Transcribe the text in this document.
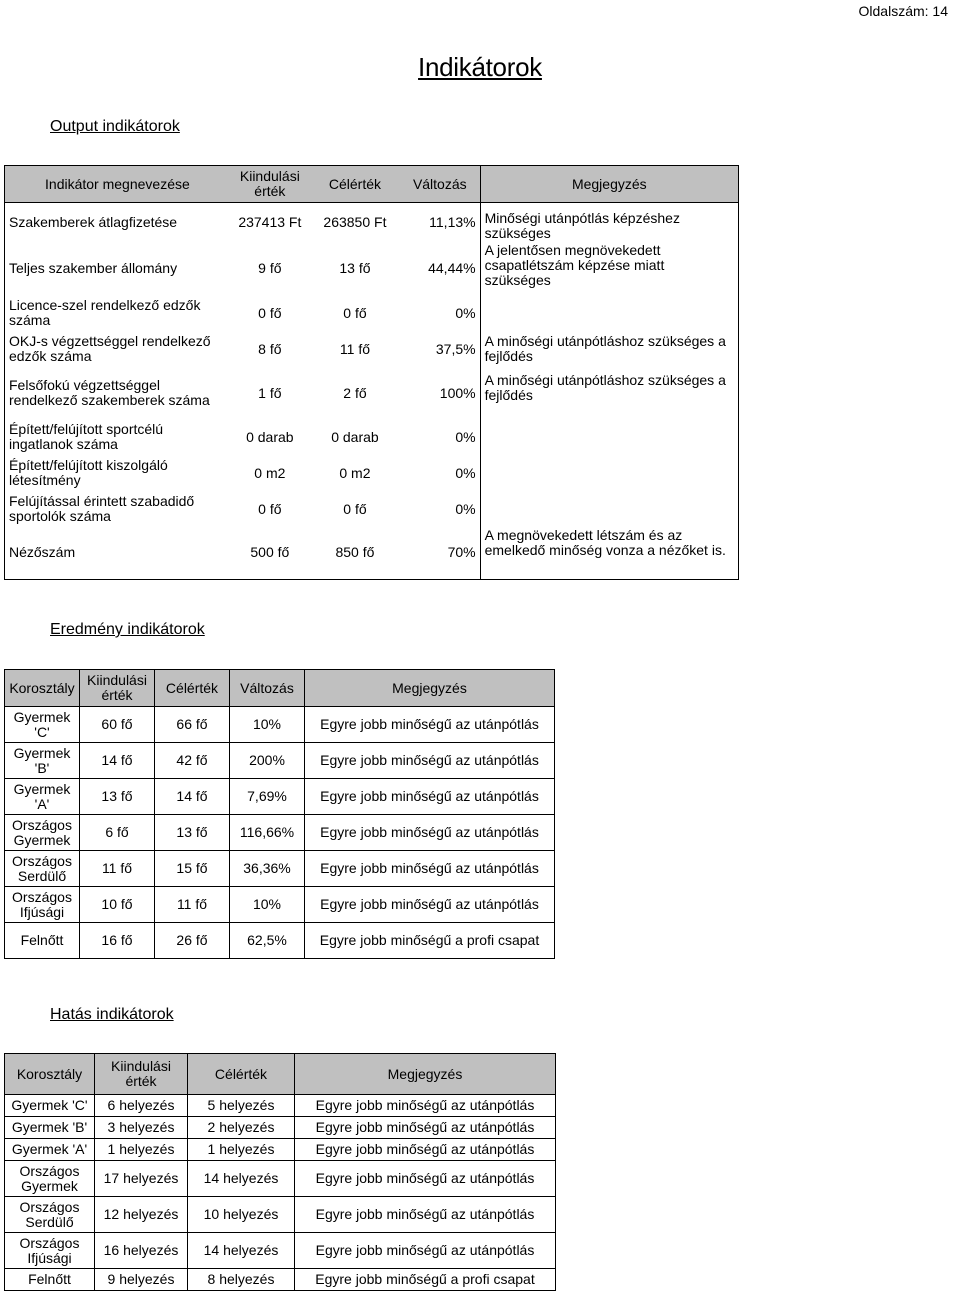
Oldalszám: 14
Indikátorok
Output indikátorok
Indikátor megnevezése	Kiindulási érték	Célérték	Változás	Megjegyzés
Szakemberek átlagfizetése	237413 Ft	263850 Ft	11,13%	Minőségi utánpótlás képzéshez szükséges
Teljes szakember állomány	9 fő	13 fő	44,44%	A jelentősen megnövekedett csapatlétszám képzése miatt szükséges
Licence-szel rendelkező edzők száma	0 fő	0 fő	0%	
OKJ-s végzettséggel rendelkező edzők száma	8 fő	11 fő	37,5%	A minőségi utánpótláshoz szükséges a fejlődés
Felsőfokú végzettséggel rendelkező szakemberek száma	1 fő	2 fő	100%	A minőségi utánpótláshoz szükséges a fejlődés
Épített/felújított sportcélú ingatlanok száma	0 darab	0 darab	0%	
Épített/felújított kiszolgáló létesítmény	0 m2	0 m2	0%	
Felújítással érintett szabadidő sportolók száma	0 fő	0 fő	0%	
Nézőszám	500 fő	850 fő	70%	A megnövekedett létszám és az emelkedő minőség vonza a nézőket is.
Eredmény indikátorok
Korosztály	Kiindulási érték	Célérték	Változás	Megjegyzés
Gyermek 'C'	60 fő	66 fő	10%	Egyre jobb minőségű az utánpótlás
Gyermek 'B'	14 fő	42 fő	200%	Egyre jobb minőségű az utánpótlás
Gyermek 'A'	13 fő	14 fő	7,69%	Egyre jobb minőségű az utánpótlás
Országos Gyermek	6 fő	13 fő	116,66%	Egyre jobb minőségű az utánpótlás
Országos Serdülő	11 fő	15 fő	36,36%	Egyre jobb minőségű az utánpótlás
Országos Ifjúsági	10 fő	11 fő	10%	Egyre jobb minőségű az utánpótlás
Felnőtt	16 fő	26 fő	62,5%	Egyre jobb minőségű a profi csapat
Hatás indikátorok
Korosztály	Kiindulási érték	Célérték	Megjegyzés
Gyermek 'C'	6 helyezés	5 helyezés	Egyre jobb minőségű az utánpótlás
Gyermek 'B'	3 helyezés	2 helyezés	Egyre jobb minőségű az utánpótlás
Gyermek 'A'	1 helyezés	1 helyezés	Egyre jobb minőségű az utánpótlás
Országos Gyermek	17 helyezés	14 helyezés	Egyre jobb minőségű az utánpótlás
Országos Serdülő	12 helyezés	10 helyezés	Egyre jobb minőségű az utánpótlás
Országos Ifjúsági	16 helyezés	14 helyezés	Egyre jobb minőségű az utánpótlás
Felnőtt	9 helyezés	8 helyezés	Egyre jobb minőségű a profi csapat
